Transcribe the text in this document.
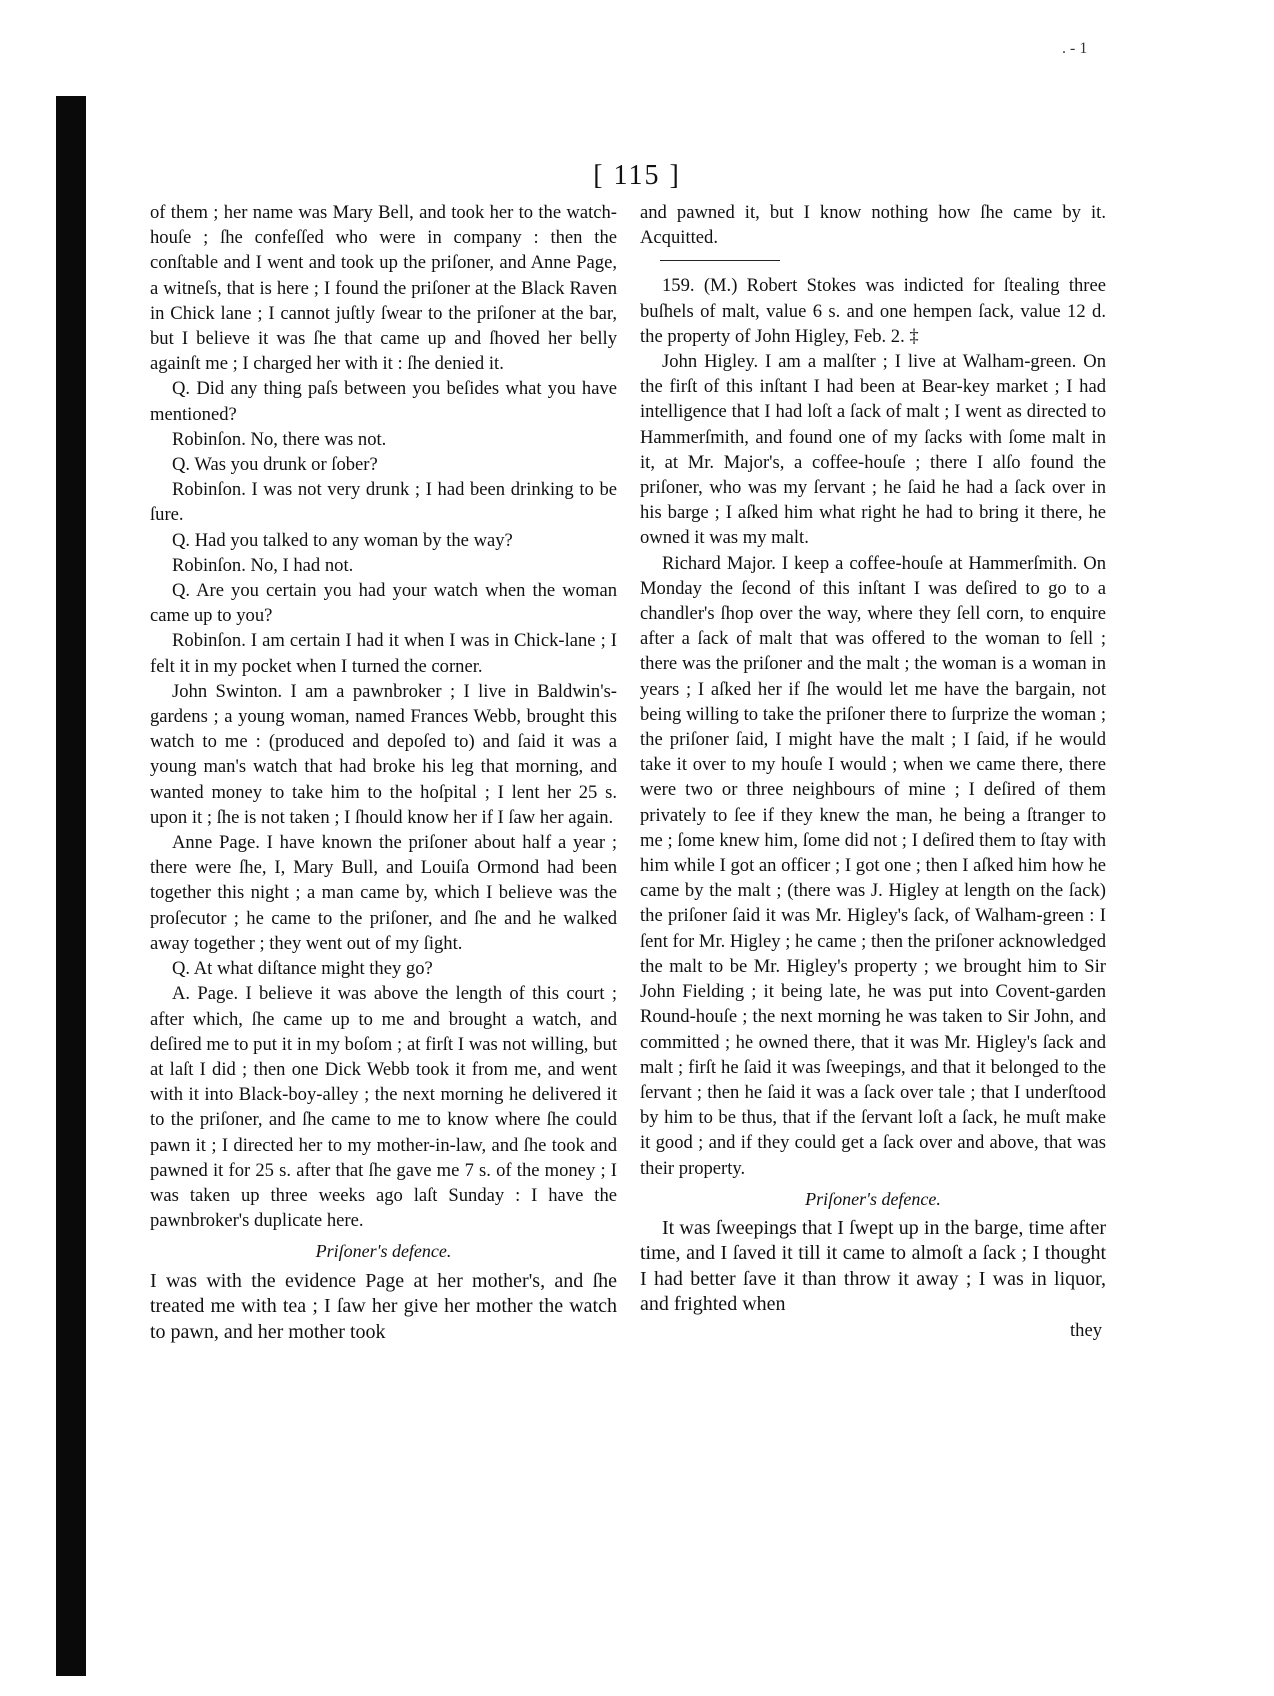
. - 1
[ 115 ]

of them ; her name was Mary Bell, and took her to the watch-houſe ; ſhe confeſſed who were in company : then the conſtable and I went and took up the priſoner, and Anne Page, a witneſs, that is here ; I found the priſoner at the Black Raven in Chick lane ; I cannot juſtly ſwear to the priſoner at the bar, but I believe it was ſhe that came up and ſhoved her belly againſt me ; I charged her with it : ſhe denied it.

Q. Did any thing paſs between you beſides what you have mentioned?

Robinſon. No, there was not.

Q. Was you drunk or ſober?

Robinſon. I was not very drunk ; I had been drinking to be ſure.

Q. Had you talked to any woman by the way?

Robinſon. No, I had not.

Q. Are you certain you had your watch when the woman came up to you?

Robinſon. I am certain I had it when I was in Chick-lane ; I felt it in my pocket when I turned the corner.

John Swinton. I am a pawnbroker ; I live in Baldwin's-gardens ; a young woman, named Frances Webb, brought this watch to me : (produced and depoſed to) and ſaid it was a young man's watch that had broke his leg that morning, and wanted money to take him to the hoſpital ; I lent her 25 s. upon it ; ſhe is not taken ; I ſhould know her if I ſaw her again.

Anne Page. I have known the priſoner about half a year ; there were ſhe, I, Mary Bull, and Louiſa Ormond had been together this night ; a man came by, which I believe was the proſecutor ; he came to the priſoner, and ſhe and he walked away together ; they went out of my ſight.

Q. At what diſtance might they go?

A. Page. I believe it was above the length of this court ; after which, ſhe came up to me and brought a watch, and deſired me to put it in my boſom ; at firſt I was not willing, but at laſt I did ; then one Dick Webb took it from me, and went with it into Black-boy-alley ; the next morning he delivered it to the priſoner, and ſhe came to me to know where ſhe could pawn it ; I directed her to my mother-in-law, and ſhe took and pawned it for 25 s. after that ſhe gave me 7 s. of the money ; I was taken up three weeks ago laſt Sunday : I have the pawnbroker's duplicate here.

Priſoner's defence.

I was with the evidence Page at her mother's, and ſhe treated me with tea ; I ſaw her give her mother the watch to pawn, and her mother took

and pawned it, but I know nothing how ſhe came by it. Acquitted.

159. (M.) Robert Stokes was indicted for ſtealing three buſhels of malt, value 6 s. and one hempen ſack, value 12 d. the property of John Higley, Feb. 2. ‡

John Higley. I am a malſter ; I live at Walham-green. On the firſt of this inſtant I had been at Bear-key market ; I had intelligence that I had loſt a ſack of malt ; I went as directed to Hammerſmith, and found one of my ſacks with ſome malt in it, at Mr. Major's, a coffee-houſe ; there I alſo found the priſoner, who was my ſervant ; he ſaid he had a ſack over in his barge ; I aſked him what right he had to bring it there, he owned it was my malt.

Richard Major. I keep a coffee-houſe at Hammerſmith. On Monday the ſecond of this inſtant I was deſired to go to a chandler's ſhop over the way, where they ſell corn, to enquire after a ſack of malt that was offered to the woman to ſell ; there was the priſoner and the malt ; the woman is a woman in years ; I aſked her if ſhe would let me have the bargain, not being willing to take the priſoner there to ſurprize the woman ; the priſoner ſaid, I might have the malt ; I ſaid, if he would take it over to my houſe I would ; when we came there, there were two or three neighbours of mine ; I deſired of them privately to ſee if they knew the man, he being a ſtranger to me ; ſome knew him, ſome did not ; I deſired them to ſtay with him while I got an officer ; I got one ; then I aſked him how he came by the malt ; (there was J. Higley at length on the ſack) the priſoner ſaid it was Mr. Higley's ſack, of Walham-green : I ſent for Mr. Higley ; he came ; then the priſoner acknowledged the malt to be Mr. Higley's property ; we brought him to Sir John Fielding ; it being late, he was put into Covent-garden Round-houſe ; the next morning he was taken to Sir John, and committed ; he owned there, that it was Mr. Higley's ſack and malt ; firſt he ſaid it was ſweepings, and that it belonged to the ſervant ; then he ſaid it was a ſack over tale ; that I underſtood by him to be thus, that if the ſervant loſt a ſack, he muſt make it good ; and if they could get a ſack over and above, that was their property.

Priſoner's defence.

It was ſweepings that I ſwept up in the barge, time after time, and I ſaved it till it came to almoſt a ſack ; I thought I had better ſave it than throw it away ; I was in liquor, and frighted when

they
